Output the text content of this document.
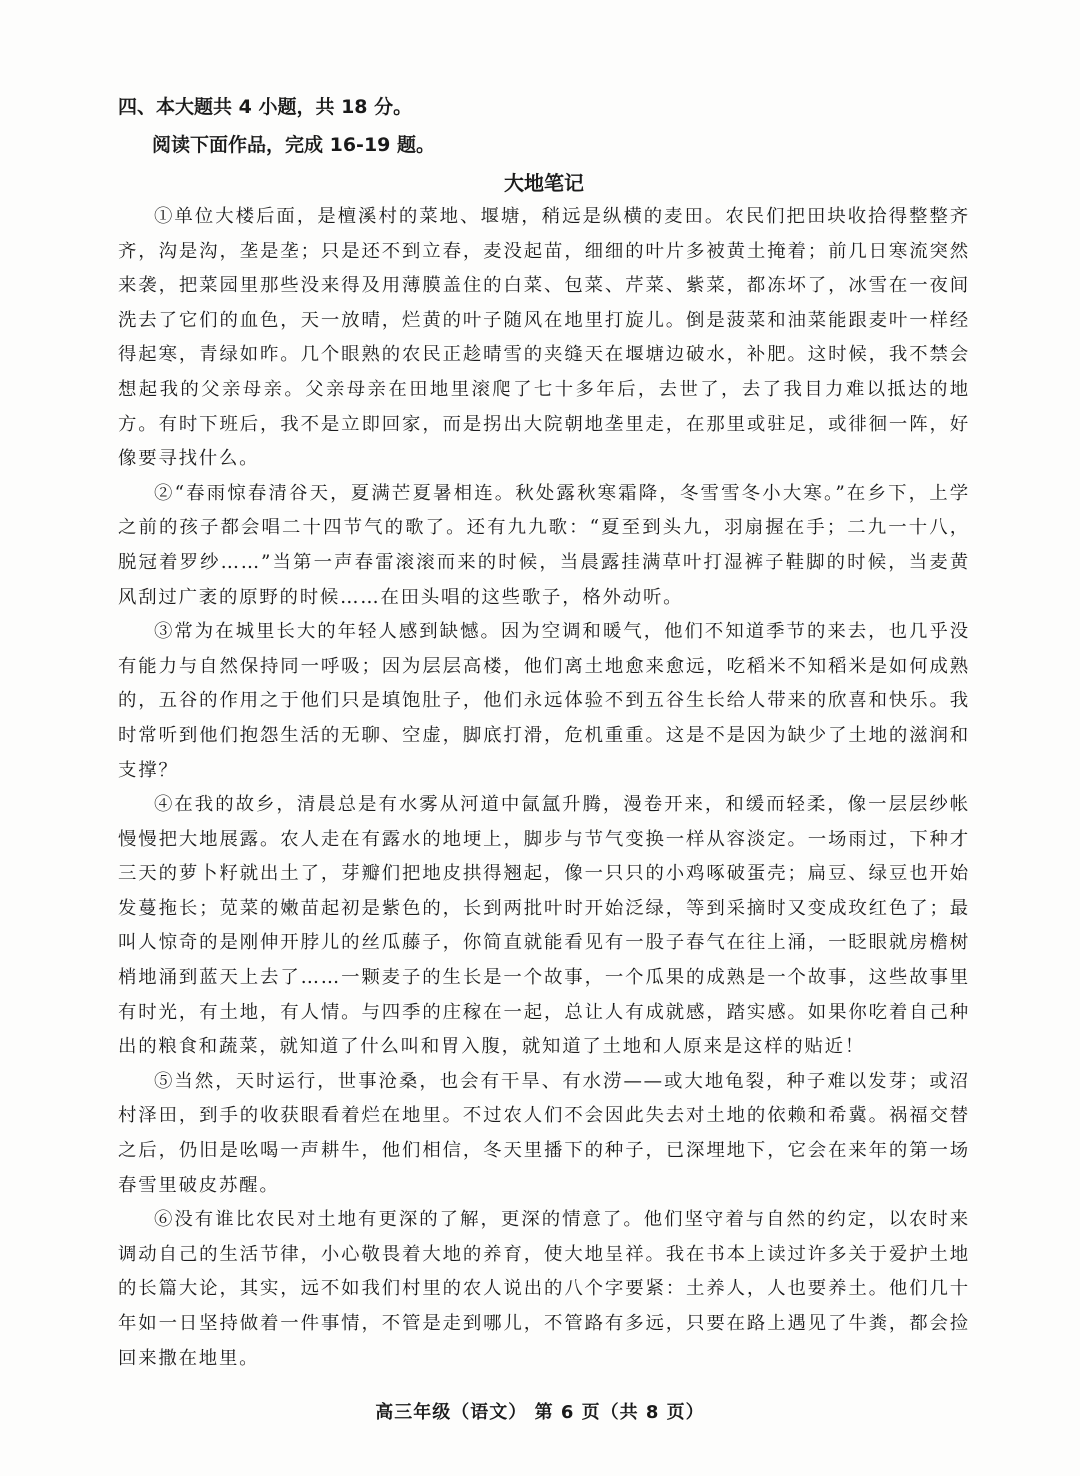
四、本大题共 4 小题，共 18 分。
阅读下面作品，完成 16-19 题。
大地笔记

①单位大楼后面，是檀溪村的菜地、堰塘，稍远是纵横的麦田。农民们把田块收拾得整整齐齐，沟是沟，垄是垄；只是还不到立春，麦没起苗，细细的叶片多被黄土掩着；前几日寒流突然来袭，把菜园里那些没来得及用薄膜盖住的白菜、包菜、芹菜、紫菜，都冻坏了，冰雪在一夜间洗去了它们的血色，天一放晴，烂黄的叶子随风在地里打旋儿。倒是菠菜和油菜能跟麦叶一样经得起寒，青绿如昨。几个眼熟的农民正趁晴雪的夹缝天在堰塘边破水，补肥。这时候，我不禁会想起我的父亲母亲。父亲母亲在田地里滚爬了七十多年后，去世了，去了我目力难以抵达的地方。有时下班后，我不是立即回家，而是拐出大院朝地垄里走，在那里或驻足，或徘徊一阵，好像要寻找什么。

②“春雨惊春清谷天，夏满芒夏暑相连。秋处露秋寒霜降，冬雪雪冬小大寒。”在乡下，上学之前的孩子都会唱二十四节气的歌了。还有九九歌：“夏至到头九，羽扇握在手；二九一十八，脱冠着罗纱……”当第一声春雷滚滚而来的时候，当晨露挂满草叶打湿裤子鞋脚的时候，当麦黄风刮过广袤的原野的时候……在田头唱的这些歌子，格外动听。

③常为在城里长大的年轻人感到缺憾。因为空调和暖气，他们不知道季节的来去，也几乎没有能力与自然保持同一呼吸；因为层层高楼，他们离土地愈来愈远，吃稻米不知稻米是如何成熟的，五谷的作用之于他们只是填饱肚子，他们永远体验不到五谷生长给人带来的欣喜和快乐。我时常听到他们抱怨生活的无聊、空虚，脚底打滑，危机重重。这是不是因为缺少了土地的滋润和支撑？

④在我的故乡，清晨总是有水雾从河道中氤氲升腾，漫卷开来，和缓而轻柔，像一层层纱帐慢慢把大地展露。农人走在有露水的地埂上，脚步与节气变换一样从容淡定。一场雨过，下种才三天的萝卜籽就出土了，芽瓣们把地皮拱得翘起，像一只只的小鸡啄破蛋壳；扁豆、绿豆也开始发蔓拖长；苋菜的嫩苗起初是紫色的，长到两批叶时开始泛绿，等到采摘时又变成玫红色了；最叫人惊奇的是刚伸开脖儿的丝瓜藤子，你简直就能看见有一股子春气在往上涌，一眨眼就房檐树梢地涌到蓝天上去了……一颗麦子的生长是一个故事，一个瓜果的成熟是一个故事，这些故事里有时光，有土地，有人情。与四季的庄稼在一起，总让人有成就感，踏实感。如果你吃着自己种出的粮食和蔬菜，就知道了什么叫和胃入腹，就知道了土地和人原来是这样的贴近！

⑤当然，天时运行，世事沧桑，也会有干旱、有水涝——或大地龟裂，种子难以发芽；或沼村泽田，到手的收获眼看着烂在地里。不过农人们不会因此失去对土地的依赖和希冀。祸福交替之后，仍旧是吆喝一声耕牛，他们相信，冬天里播下的种子，已深埋地下，它会在来年的第一场春雪里破皮苏醒。

⑥没有谁比农民对土地有更深的了解，更深的情意了。他们坚守着与自然的约定，以农时来调动自己的生活节律，小心敬畏着大地的养育，使大地呈祥。我在书本上读过许多关于爱护土地的长篇大论，其实，远不如我们村里的农人说出的八个字要紧：土养人，人也要养土。他们几十年如一日坚持做着一件事情，不管是走到哪儿，不管路有多远，只要在路上遇见了牛粪，都会捡回来撒在地里。

高三年级（语文） 第 6 页（共 8 页）
